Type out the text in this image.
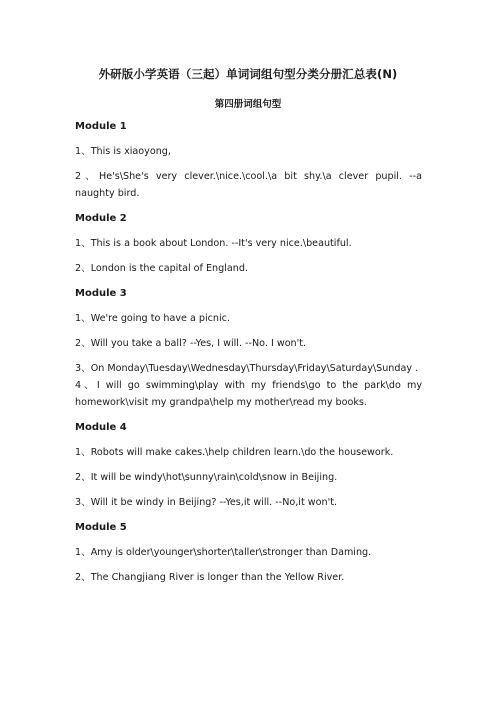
外研版小学英语（三起）单词词组句型分类分册汇总表(N)
第四册词组句型
Module 1

1、This is xiaoyong,

2、He's\She's very clever.\nice.\cool.\a bit shy.\a clever pupil. --a naughty bird.

Module 2

1、This is a book about London. --It's very nice.\beautiful.

2、London is the capital of England.

Module 3

1、We're going to have a picnic.

2、Will you take a ball? --Yes, I will. --No. I won't.

3、On Monday\Tuesday\Wednesday\Thursday\Friday\Saturday\Sunday .

4、I will go swimming\play with my friends\go to the park\do my homework\visit my grandpa\help my mother\read my books.

Module 4

1、Robots will make cakes.\help children learn.\do the housework.

2、It will be windy\hot\sunny\rain\cold\snow in Beijing.

3、Will it be windy in Beijing? --Yes,it will. --No,it won't.

Module 5

1、Amy is older\younger\shorter\taller\stronger than Daming.

2、The Changjiang River is longer than the Yellow River.
